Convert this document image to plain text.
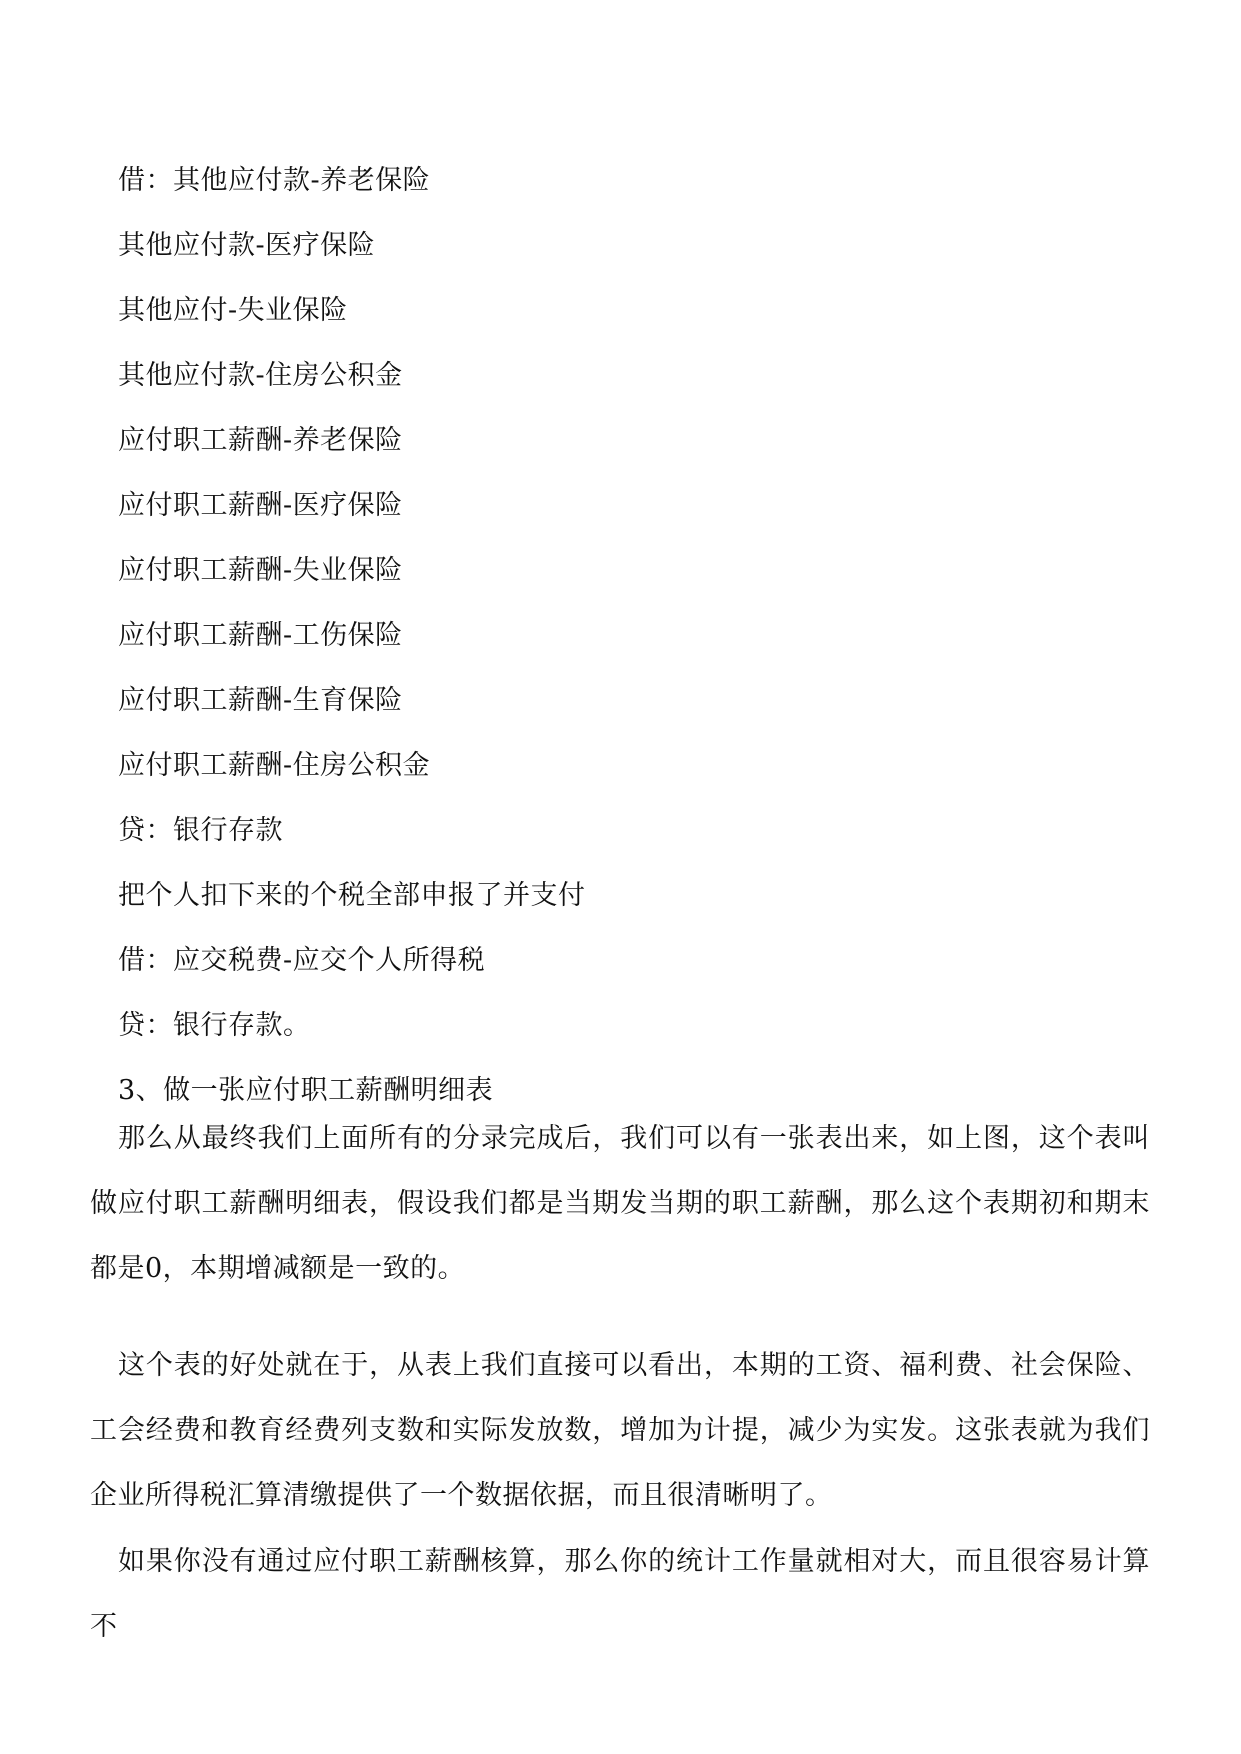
借：其他应付款-养老保险
其他应付款-医疗保险
其他应付-失业保险
其他应付款-住房公积金
应付职工薪酬-养老保险
应付职工薪酬-医疗保险
应付职工薪酬-失业保险
应付职工薪酬-工伤保险
应付职工薪酬-生育保险
应付职工薪酬-住房公积金
贷：银行存款
把个人扣下来的个税全部申报了并支付
借：应交税费-应交个人所得税
贷：银行存款。
3、做一张应付职工薪酬明细表

那么从最终我们上面所有的分录完成后，我们可以有一张表出来，如上图，这个表叫做应付职工薪酬明细表，假设我们都是当期发当期的职工薪酬，那么这个表期初和期末都是0，本期增减额是一致的。

这个表的好处就在于，从表上我们直接可以看出，本期的工资、福利费、社会保险、工会经费和教育经费列支数和实际发放数，增加为计提，减少为实发。这张表就为我们企业所得税汇算清缴提供了一个数据依据，而且很清晰明了。

如果你没有通过应付职工薪酬核算，那么你的统计工作量就相对大，而且很容易计算不
